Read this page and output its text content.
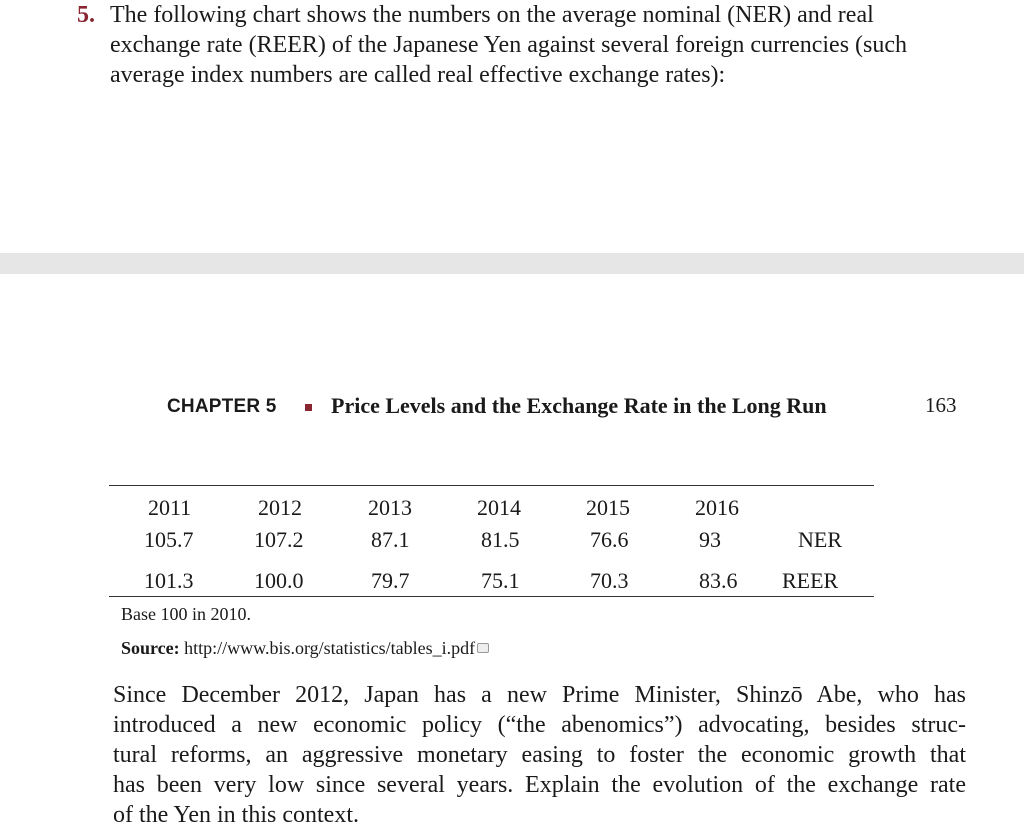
5. The following chart shows the numbers on the average nominal (NER) and real
exchange rate (REER) of the Japanese Yen against several foreign currencies (such
average index numbers are called real effective exchange rates):
CHAPTER 5 Price Levels and the Exchange Rate in the Long Run	163
2011	2012	2013	2014	2015	2016
105.7	107.2	87.1	81.5	76.6	93	NER
101.3	100.0	79.7	75.1	70.3	83.6 REER
Base 100 in 2010.
Source: http://www.bis.org/statistics/tables_i.pdf
Since December 2012, Japan has a new Prime Minister, Shinzō Abe, who has
introduced a new economic policy (“the abenomics”) advocating, besides struc-
tural reforms, an aggressive monetary easing to foster the economic growth that
has been very low since several years. Explain the evolution of the exchange rate
of the Yen in this context.
